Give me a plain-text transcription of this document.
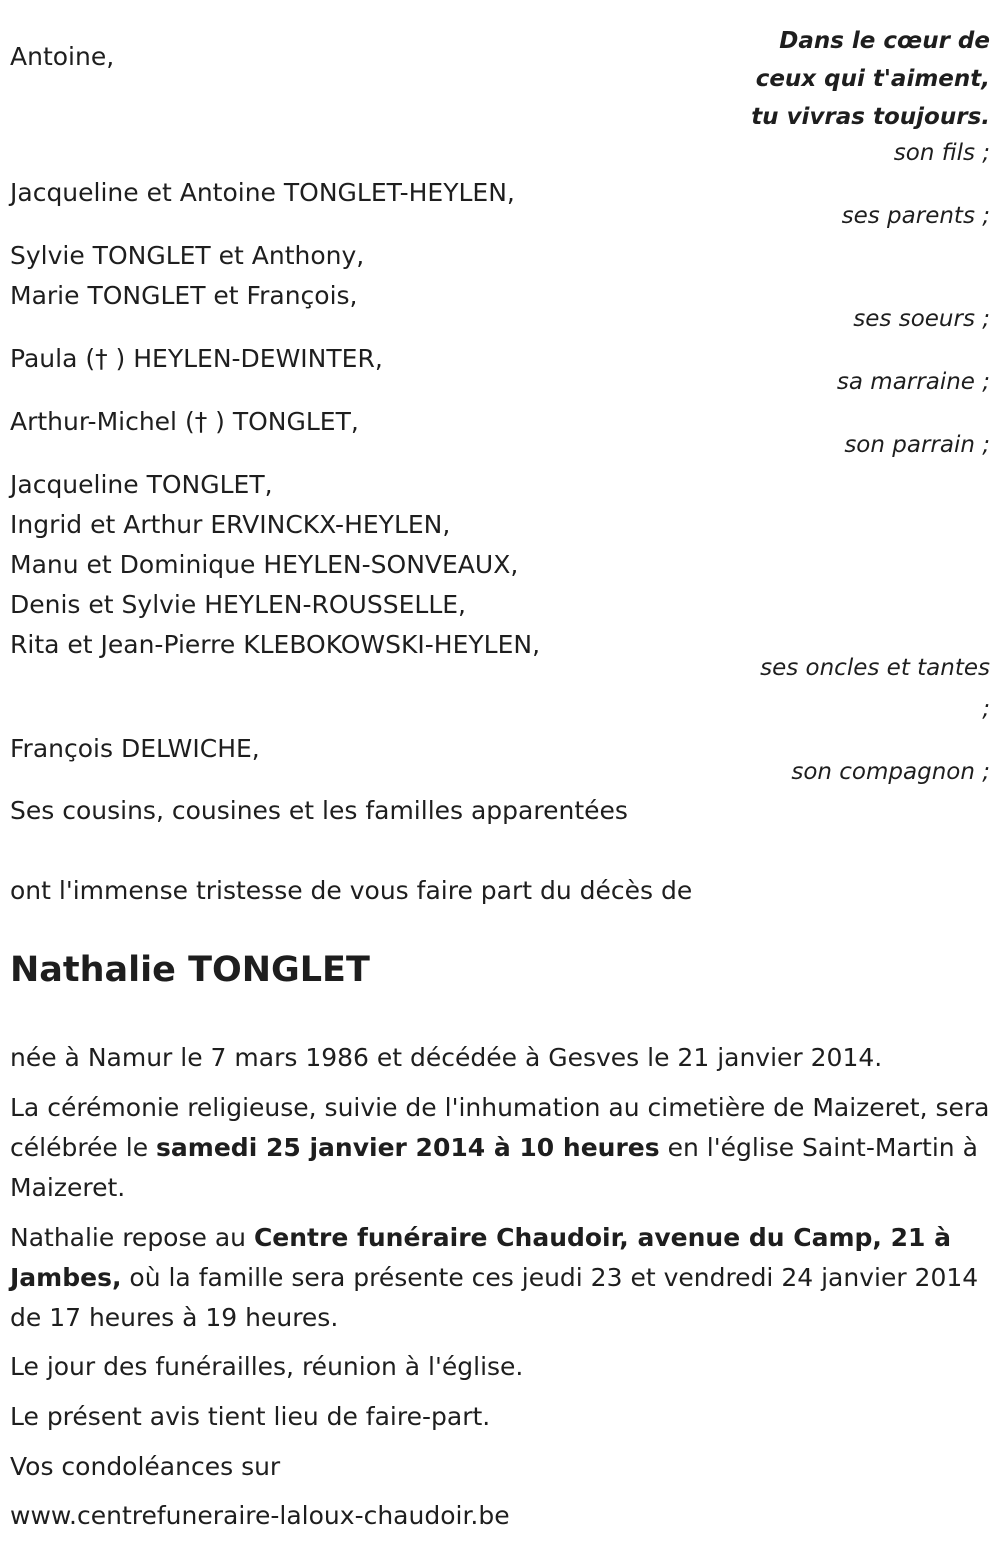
Dans le cœur de
ceux qui t'aiment,
tu vivras toujours.
Antoine,
son fils ;
Jacqueline et Antoine TONGLET-HEYLEN,
ses parents ;
Sylvie TONGLET et Anthony,
Marie TONGLET et François,
ses soeurs ;
Paula († ) HEYLEN-DEWINTER,
sa marraine ;
Arthur-Michel († ) TONGLET,
son parrain ;
Jacqueline TONGLET,
Ingrid et Arthur ERVINCKX-HEYLEN,
Manu et Dominique HEYLEN-SONVEAUX,
Denis et Sylvie HEYLEN-ROUSSELLE,
Rita et Jean-Pierre KLEBOKOWSKI-HEYLEN,
ses oncles et tantes
;
François DELWICHE,
son compagnon ;
Ses cousins, cousines et les familles apparentées
ont l'immense tristesse de vous faire part du décès de
Nathalie TONGLET
née à Namur le 7 mars 1986 et décédée à Gesves le 21 janvier 2014.
La cérémonie religieuse, suivie de l'inhumation au cimetière de Maizeret, sera célébrée le samedi 25 janvier 2014 à 10 heures en l'église Saint-Martin à Maizeret.
Nathalie repose au Centre funéraire Chaudoir, avenue du Camp, 21 à Jambes, où la famille sera présente ces jeudi 23 et vendredi 24 janvier 2014 de 17 heures à 19 heures.
Le jour des funérailles, réunion à l'église.
Le présent avis tient lieu de faire-part.
Vos condoléances sur
www.centrefuneraire-laloux-chaudoir.be
